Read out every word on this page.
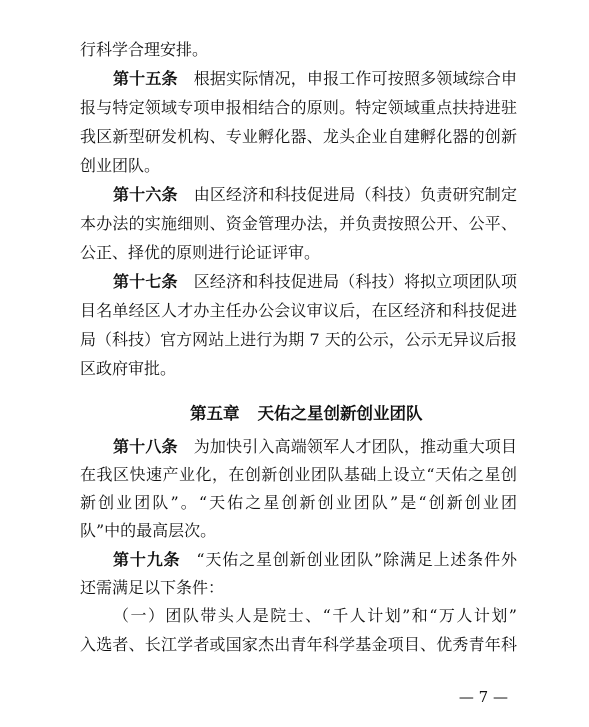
行科学合理安排。
第十五条 根据实际情况，申报工作可按照多领域综合申
报与特定领域专项申报相结合的原则。特定领域重点扶持进驻
我区新型研发机构、专业孵化器、龙头企业自建孵化器的创新
创业团队。
第十六条 由区经济和科技促进局（科技）负责研究制定
本办法的实施细则、资金管理办法，并负责按照公开、公平、
公正、择优的原则进行论证评审。
第十七条 区经济和科技促进局（科技）将拟立项团队项
目名单经区人才办主任办公会议审议后，在区经济和科技促进
局（科技）官方网站上进行为期 7 天的公示，公示无异议后报
区政府审批。
第五章 天佑之星创新创业团队
第十八条 为加快引入高端领军人才团队，推动重大项目
在我区快速产业化，在创新创业团队基础上设立“天佑之星创
新创业团队”。“天佑之星创新创业团队”是“创新创业团
队”中的最高层次。
第十九条 “天佑之星创新创业团队”除满足上述条件外
还需满足以下条件：
（一）团队带头人是院士、“千人计划”和“万人计划”
入选者、长江学者或国家杰出青年科学基金项目、优秀青年科
— 7 —
